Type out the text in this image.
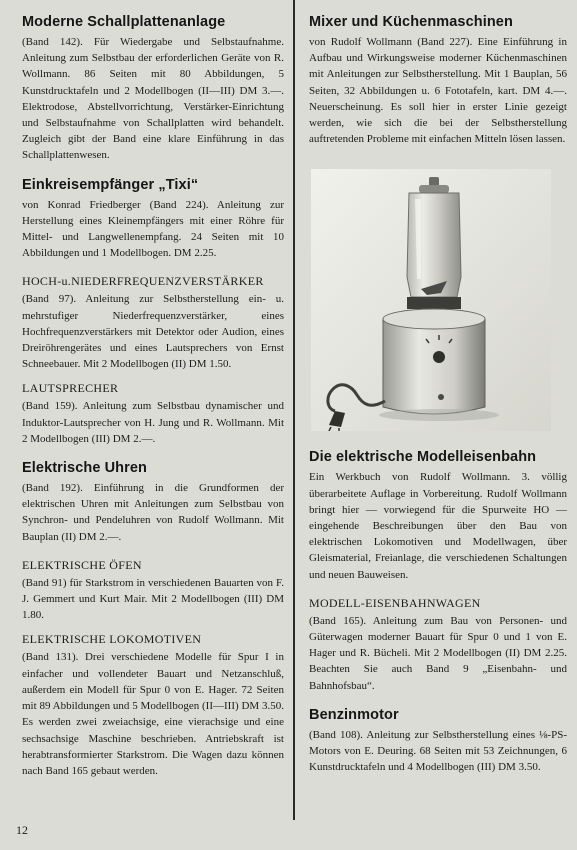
Moderne Schallplattenanlage

(Band 142). Für Wiedergabe und Selbstaufnahme. Anleitung zum Selbstbau der erforderlichen Geräte von R. Wollmann. 86 Seiten mit 80 Abbildungen, 5 Kunstdrucktafeln und 2 Modellbogen (II—III) DM 3.—. Elektrodose, Abstellvorrichtung, Verstärker-Einrichtung und Selbstaufnahme von Schallplatten wird behandelt. Zugleich gibt der Band eine klare Einführung in das Schallplattenwesen.

Einkreisempfänger „Tixi“

von Konrad Friedberger (Band 224). Anleitung zur Herstellung eines Kleinempfängers mit einer Röhre für Mittel- und Langwellenempfang. 24 Seiten mit 10 Abbildungen und 1 Modellbogen. DM 2.25.

HOCH-u.NIEDERFREQUENZVERSTÄRKER

(Band 97). Anleitung zur Selbstherstellung ein- u. mehrstufiger Niederfrequenzverstärker, eines Hochfrequenzverstärkers mit Detektor oder Audion, eines Dreiröhrengerätes und eines Lautsprechers von Ernst Schneebauer. Mit 2 Modellbogen (II) DM 1.50.

LAUTSPRECHER

(Band 159). Anleitung zum Selbstbau dynamischer und Induktor-Lautsprecher von H. Jung und R. Wollmann. Mit 2 Modellbogen (III) DM 2.—.

Elektrische Uhren

(Band 192). Einführung in die Grundformen der elektrischen Uhren mit Anleitungen zum Selbstbau von Synchron- und Pendeluhren von Rudolf Wollmann. Mit Bauplan (II) DM 2.—.

ELEKTRISCHE ÖFEN

(Band 91) für Starkstrom in verschiedenen Bauarten von F. J. Gemmert und Kurt Mair. Mit 2 Modellbogen (III) DM 1.80.

ELEKTRISCHE LOKOMOTIVEN

(Band 131). Drei verschiedene Modelle für Spur I in einfacher und vollendeter Bauart und Netzanschluß, außerdem ein Modell für Spur 0 von E. Hager. 72 Seiten mit 89 Abbildungen und 5 Modellbogen (II—III) DM 3.50. Es werden zwei zweiachsige, eine vierachsige und eine sechsachsige Maschine beschrieben. Antriebskraft ist herabtransformierter Starkstrom. Die Wagen dazu können nach Band 165 gebaut werden.

Mixer und Küchenmaschinen

von Rudolf Wollmann (Band 227). Eine Einführung in Aufbau und Wirkungsweise moderner Küchenmaschinen mit Anleitungen zur Selbstherstellung. Mit 1 Bauplan, 56 Seiten, 32 Abbildungen u. 6 Fototafeln, kart. DM 4.—. Neuerscheinung. Es soll hier in erster Linie gezeigt werden, wie sich die bei der Selbstherstellung auftretenden Probleme mit einfachen Mitteln lösen lassen.

Die elektrische Modelleisenbahn

Ein Werkbuch von Rudolf Wollmann. 3. völlig überarbeitete Auflage in Vorbereitung. Rudolf Wollmann bringt hier — vorwiegend für die Spurweite HO — eingehende Beschreibungen über den Bau von elektrischen Lokomotiven und Modellwagen, über Gleismaterial, Freianlage, die verschiedenen Schaltungen und neuen Bauweisen.

MODELL-EISENBAHNWAGEN

(Band 165). Anleitung zum Bau von Personen- und Güterwagen moderner Bauart für Spur 0 und 1 von E. Hager und R. Bücheli. Mit 2 Modellbogen (II) DM 2.25. Beachten Sie auch Band 9 „Eisenbahn- und Bahnhofsbau“.

Benzinmotor

(Band 108). Anleitung zur Selbstherstellung eines ⅛-PS-Motors von E. Deuring. 68 Seiten mit 53 Zeichnungen, 6 Kunstdrucktafeln und 4 Modellbogen (III) DM 3.50.

12
